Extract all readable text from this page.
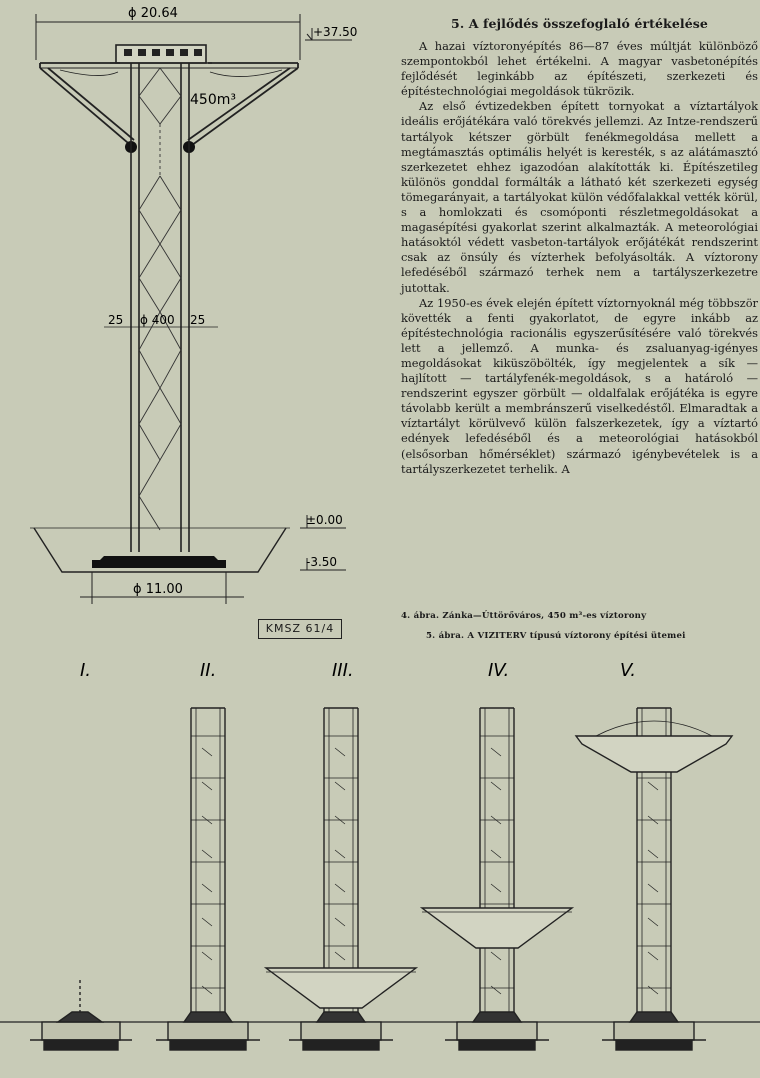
ϕ 20.64
+37.50
450m³
25 ϕ 400 25
±0.00
-3.50
ϕ 11.00
KMSZ 61/4
5. A fejlődés összefoglaló értékelése

A hazai víztoronyépítés 86—87 éves múltját különböző szempontokból lehet értékelni. A magyar vasbetonépítés fejlődését leginkább az építészeti, szerkezeti és építéstechnológiai megoldások tükrözik.

Az első évtizedekben épített tornyokat a víztartályok ideális erőjátékára való törekvés jellemzi. Az Intze-rendszerű tartályok kétszer görbült fenékmegoldása mellett a megtámasztás optimális helyét is keresték, s az alátámasztó szerkezetet ehhez igazodóan alakították ki. Építészetileg különös gonddal formálták a látható két szerkezeti egység tömegarányait, a tartályokat külön védőfalakkal vették körül, s a homlokzati és csomóponti részletmegoldásokat a magasépítési gyakorlat szerint alkalmazták. A meteorológiai hatásoktól védett vasbeton-tartályok erőjátékát rendszerint csak az önsúly és vízterhek befolyásolták. A víztorony lefedéséből származó terhek nem a tartályszerkezetre jutottak.

Az 1950-es évek elején épített víztornyoknál még többször követték a fenti gyakorlatot, de egyre inkább az építéstechnológia racionális egyszerűsítésére való törekvés lett a jellemző. A munka- és zsaluanyag-igényes megoldásokat kiküszöbölték, így megjelentek a sík — hajlított — tartályfenék-megoldások, s a határoló — rendszerint egyszer görbült — oldalfalak erőjátéka is egyre távolabb került a membránszerű viselkedéstől. Elmaradtak a víztartályt körülvevő külön falszerkezetek, így a víztartó edények lefedéséből és a meteorológiai hatásokból (elsősorban hőmérséklet) származó igénybevételek is a tartályszerkezetet terhelik. A

4. ábra. Zánka—Úttörőváros, 450 m³-es víztorony
5. ábra. A VIZITERV típusú víztorony építési ütemei
I.	II.	III.	IV.	V.
